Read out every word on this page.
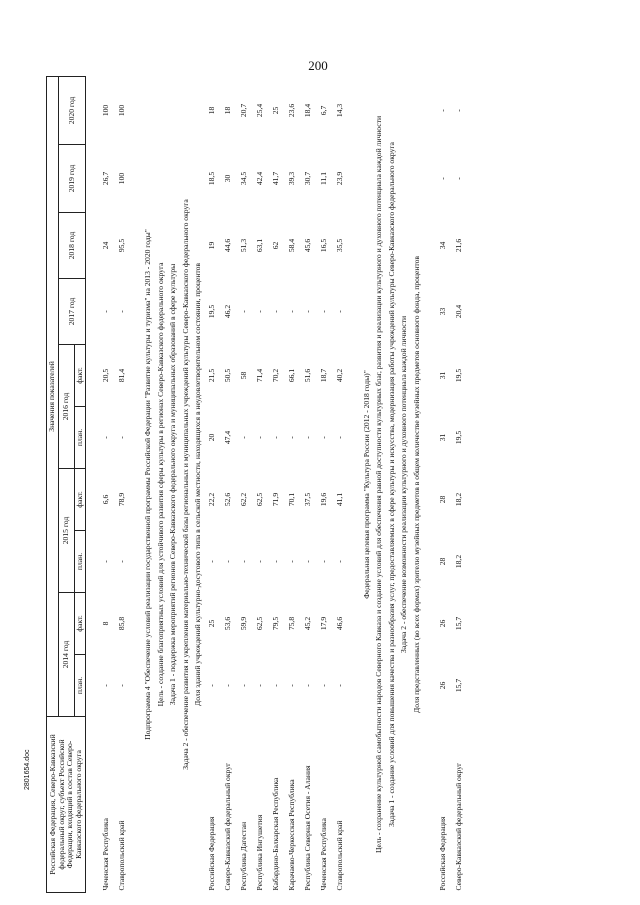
200
Российская Федерация, Северо-Кавказский федеральный округ, субъект Российской Федерации, входящий в состав Северо-Кавказского федерального округа	Значения показателей									
	2014 год		2015 год		2016 год		2017 год	2018 год	2019 год	2020 год
	план.	факт.	план.	факт.	план.	факт.				

Чеченская Республика	-	8	-	6,6	-	20,5	-	24	26,7	100
Ставропольский край	-	85,8	-	78,9	-	81,4	-	95,5	100	100

Подпрограмма 4 "Обеспечение условий реализации государственной программы Российской Федерации "Развитие культуры и туризма" на 2013 - 2020 годы"										
Цель - создание благоприятных условий для устойчивого развития сферы культуры в регионах Северо-Кавказского федерального округа										
Задача 1 - поддержка мероприятий регионов Северо-Кавказского федерального округа и муниципальных образований в сфере культуры										
Задача 2 - обеспечение развития и укрепления материально-технической базы региональных и муниципальных учреждений культуры Северо-Кавказского федерального округа										
Доля зданий учреждений культурно-досугового типа в сельской местности, находящихся в неудовлетворительном состоянии, процентов										
Российская Федерация	-	25	-	22,2	20	21,5	19,5	19	18,5	18
Северо-Кавказский федеральный округ	-	53,6	-	52,6	47,4	50,5	46,2	44,6	30	18
Республика Дагестан	-	59,9	-	62,2	-	58	-	51,3	34,5	20,7
Республика Ингушетия	-	62,5	-	62,5	-	71,4	-	63,1	42,4	25,4
Кабардино-Балкарская Республика	-	79,5	-	71,9	-	70,2	-	62	41,7	25
Карачаево-Черкесская Республика	-	75,8	-	70,1	-	66,1	-	58,4	39,3	23,6
Республика Северная Осетия - Алания	-	45,2	-	37,5	-	51,6	-	45,6	30,7	18,4
Чеченская Республика	-	17,9	-	19,6	-	18,7	-	16,5	11,1	6,7
Ставропольский край	-	46,6	-	41,1	-	40,2	-	35,5	23,9	14,3

Федеральная целевая программа "Культура России (2012 - 2018 годы)"										
Цель - сохранение культурной самобытности народов Северного Кавказа и создание условий для обеспечения равной доступности культурных благ, развития и реализации культурного и духовного потенциала каждой личности										
Задача 1 - создание условий для повышения качества и разнообразия услуг, предоставляемых в сфере культуры и искусства, модернизация работы учреждений культуры Северо-Кавказского федерального округа										
Задача 2 - обеспечение возможности реализации культурного и духовного потенциала каждой личности										
Доля представленных (во всех формах) зрителю музейных предметов в общем количестве музейных предметов основного фонда, процентов										

Российская Федерация	26	26	28	28	31	31	33	34	-	-
Северо-Кавказский федеральный округ	15,7	15,7	18,2	18,2	19,5	19,5	20,4	21,6	-	-
2801654.doc
